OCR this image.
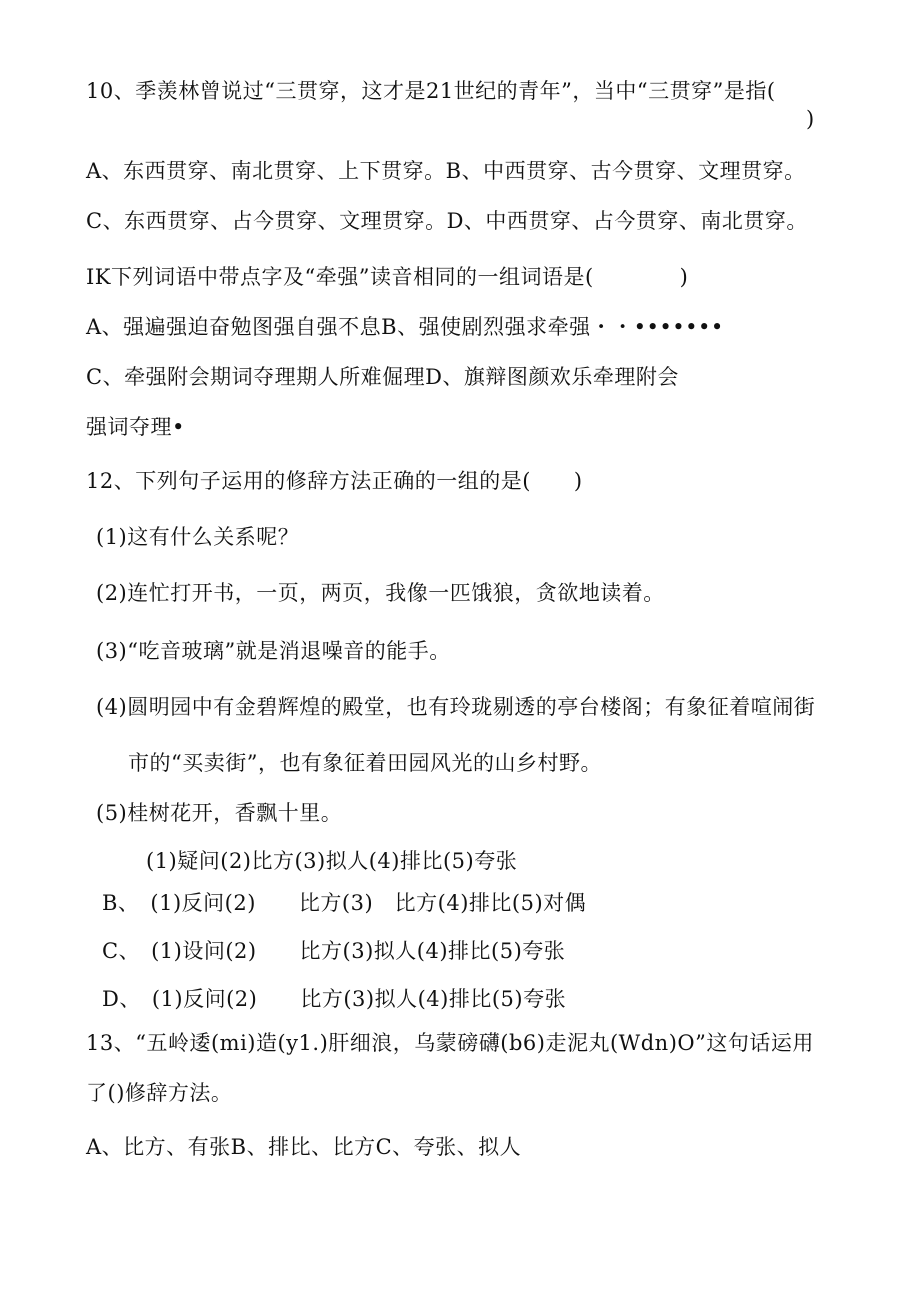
10、季羡林曾说过“三贯穿，这才是21世纪的青年”，当中“三贯穿”是指(
)
A、东西贯穿、南北贯穿、上下贯穿。B、中西贯穿、古今贯穿、文理贯穿。
C、东西贯穿、占今贯穿、文理贯穿。D、中西贯穿、占今贯穿、南北贯穿。
IK下列词语中带点字及“牵强”读音相同的一组词语是(　　　　)
A、强遍强迫奋勉图强自强不息B、强使剧烈强求牵强・・•••••••
C、牵强附会期词夺理期人所难倔理D、旗辩图颜欢乐牵理附会
强词夺理•
12、下列句子运用的修辞方法正确的一组的是(　　)
(1)这有什么关系呢？
(2)连忙打开书，一页，两页，我像一匹饿狼，贪欲地读着。
(3)“吃音玻璃”就是消退噪音的能手。
(4)圆明园中有金碧辉煌的殿堂，也有玲珑剔透的亭台楼阁；有象征着喧闹街
市的“买卖街”，也有象征着田园风光的山乡村野。
(5)桂树花开，香飘十里。
(1)疑问(2)比方(3)拟人(4)排比(5)夸张
B、　(1)反问(2)　　比方(3)　比方(4)排比(5)对偶
C、　(1)设问(2)　　比方(3)拟人(4)排比(5)夸张
D、　(1)反问(2)　　比方(3)拟人(4)排比(5)夸张
13、“五岭逶(mi)造(y1.)肝细浪，乌蒙磅礴(b6)走泥丸(Wdn)O”这句话运用
了()修辞方法。
A、比方、有张B、排比、比方C、夸张、拟人
